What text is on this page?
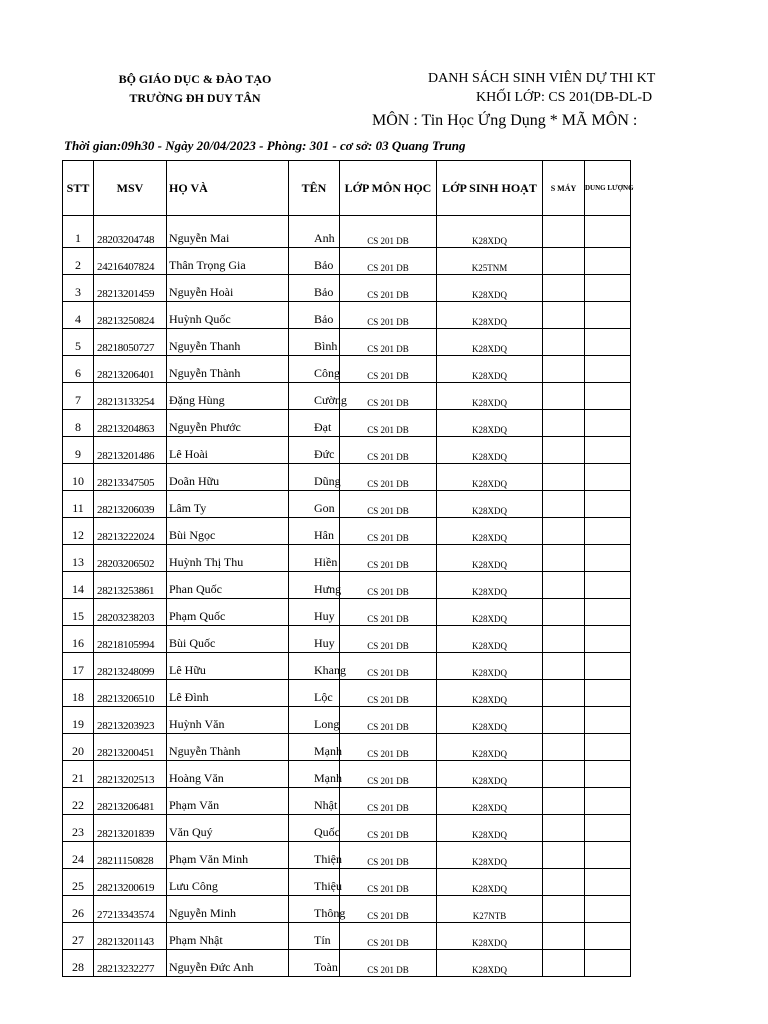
BỘ GIÁO DỤC & ĐÀO TẠO
TRƯỜNG ĐH DUY TÂN
DANH SÁCH SINH VIÊN DỰ THI KT
KHỐI LỚP: CS 201(DB-DL-D
MÔN : Tin Học Ứng Dụng * MÃ MÔN :
Thời gian:09h30 - Ngày 20/04/2023 - Phòng: 301 - cơ sở: 03 Quang Trung
STT	MSV	HỌ VÀ	TÊN	LỚP MÔN HỌC	LỚP SINH HOẠT	S MÁY	DUNG LƯỢNG
1	28203204748	Nguyễn Mai	Anh	CS 201 DB	K28XDQ		
2	24216407824	Thân Trọng Gia	Bảo	CS 201 DB	K25TNM		
3	28213201459	Nguyễn Hoài	Bảo	CS 201 DB	K28XDQ		
4	28213250824	Huỳnh Quốc	Bảo	CS 201 DB	K28XDQ		
5	28218050727	Nguyễn Thanh	Bình	CS 201 DB	K28XDQ		
6	28213206401	Nguyễn Thành	Công	CS 201 DB	K28XDQ		
7	28213133254	Đặng Hùng	Cường	CS 201 DB	K28XDQ		
8	28213204863	Nguyễn Phước	Đạt	CS 201 DB	K28XDQ		
9	28213201486	Lê Hoài	Đức	CS 201 DB	K28XDQ		
10	28213347505	Doãn Hữu	Dũng	CS 201 DB	K28XDQ		
11	28213206039	Lâm Ty	Gon	CS 201 DB	K28XDQ		
12	28213222024	Bùi Ngọc	Hân	CS 201 DB	K28XDQ		
13	28203206502	Huỳnh Thị Thu	Hiền	CS 201 DB	K28XDQ		
14	28213253861	Phan Quốc	Hưng	CS 201 DB	K28XDQ		
15	28203238203	Phạm Quốc	Huy	CS 201 DB	K28XDQ		
16	28218105994	Bùi Quốc	Huy	CS 201 DB	K28XDQ		
17	28213248099	Lê Hữu	Khang	CS 201 DB	K28XDQ		
18	28213206510	Lê Đình	Lộc	CS 201 DB	K28XDQ		
19	28213203923	Huỳnh Văn	Long	CS 201 DB	K28XDQ		
20	28213200451	Nguyễn Thành	Mạnh	CS 201 DB	K28XDQ		
21	28213202513	Hoàng Văn	Mạnh	CS 201 DB	K28XDQ		
22	28213206481	Phạm Văn	Nhật	CS 201 DB	K28XDQ		
23	28213201839	Văn Quý	Quốc	CS 201 DB	K28XDQ		
24	28211150828	Phạm Văn Minh	Thiện	CS 201 DB	K28XDQ		
25	28213200619	Lưu Công	Thiệu	CS 201 DB	K28XDQ		
26	27213343574	Nguyễn Minh	Thông	CS 201 DB	K27NTB		
27	28213201143	Phạm Nhật	Tín	CS 201 DB	K28XDQ		
28	28213232277	Nguyễn Đức Anh	Toàn	CS 201 DB	K28XDQ		
